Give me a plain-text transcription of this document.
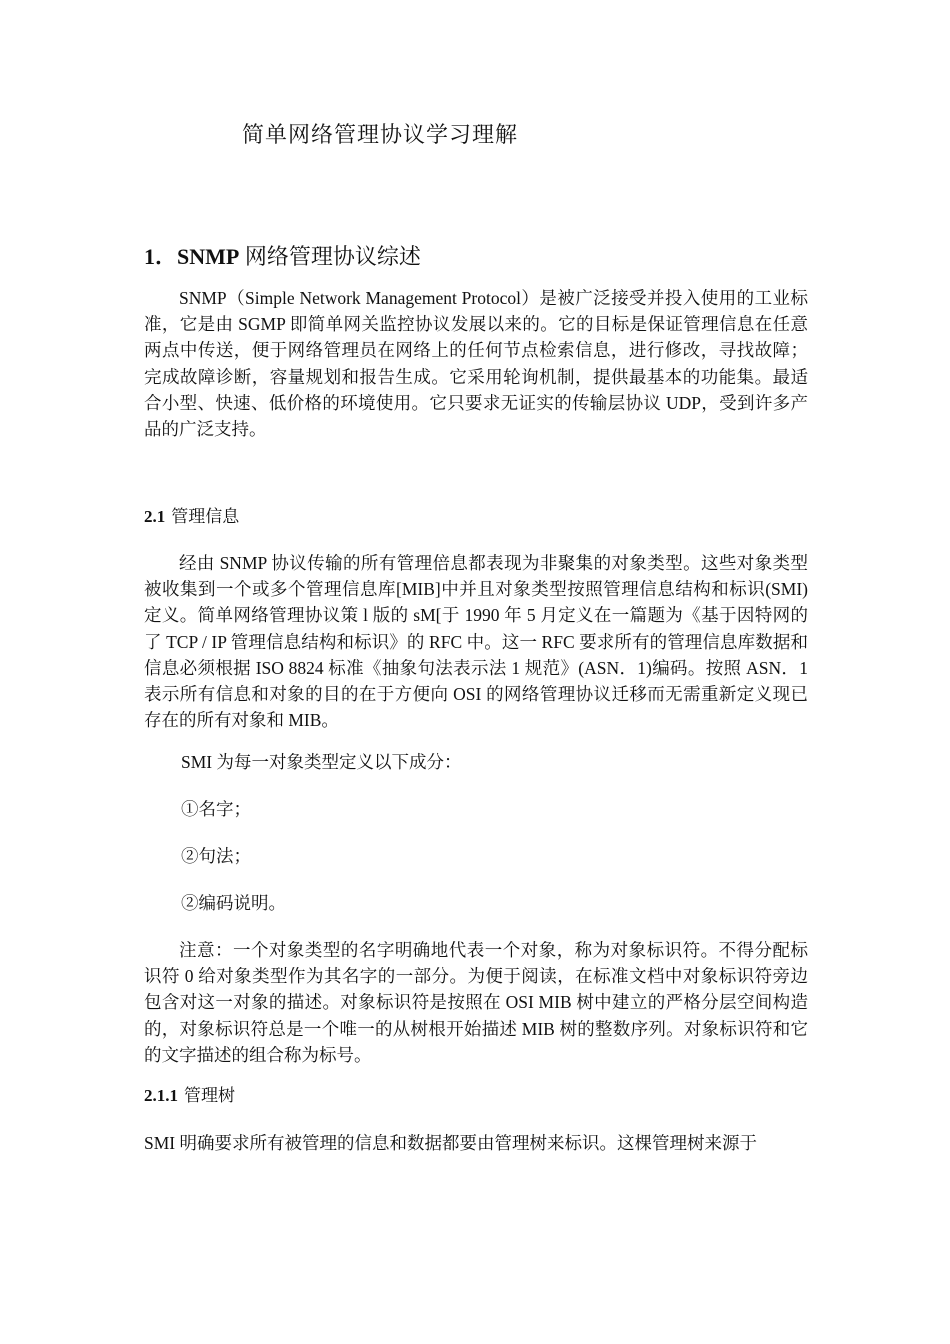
简单网络管理协议学习理解
1．SNMP 网络管理协议综述

SNMP（Simple Network Management Protocol）是被广泛接受并投入使用的工业标准，它是由 SGMP 即简单网关监控协议发展以来的。它的目标是保证管理信息在任意两点中传送，便于网络管理员在网络上的任何节点检索信息，进行修改，寻找故障；完成故障诊断，容量规划和报告生成。它采用轮询机制，提供最基本的功能集。最适合小型、快速、低价格的环境使用。它只要求无证实的传输层协议 UDP，受到许多产品的广泛支持。

2.1 管理信息

经由 SNMP 协议传输的所有管理倍息都表现为非聚集的对象类型。这些对象类型被收集到一个或多个管理信息库[MIB]中并且对象类型按照管理信息结构和标识(SMI)定义。简单网络管理协议策 l 版的 sM[于 1990 年 5 月定义在一篇题为《基于因特网的了 TCP / IP 管理信息结构和标识》的 RFC 中。这一 RFC 要求所有的管理信息库数据和信息必须根据 ISO 8824 标准《抽象句法表示法 1 规范》(ASN．1)编码。按照 ASN．1 表示所有信息和对象的目的在于方便向 OSI 的网络管理协议迁移而无需重新定义现已存在的所有对象和 MIB。

SMI 为每一对象类型定义以下成分：
①名字；
②句法；
②编码说明。

注意：一个对象类型的名字明确地代表一个对象，称为对象标识符。不得分配标识符 0 给对象类型作为其名字的一部分。为便于阅读，在标准文档中对象标识符旁边包含对这一对象的描述。对象标识符是按照在 OSI MIB 树中建立的严格分层空间构造的，对象标识符总是一个唯一的从树根开始描述 MIB 树的整数序列。对象标识符和它的文字描述的组合称为标号。

2.1.1 管理树

SMI 明确要求所有被管理的信息和数据都要由管理树来标识。这棵管理树来源于
